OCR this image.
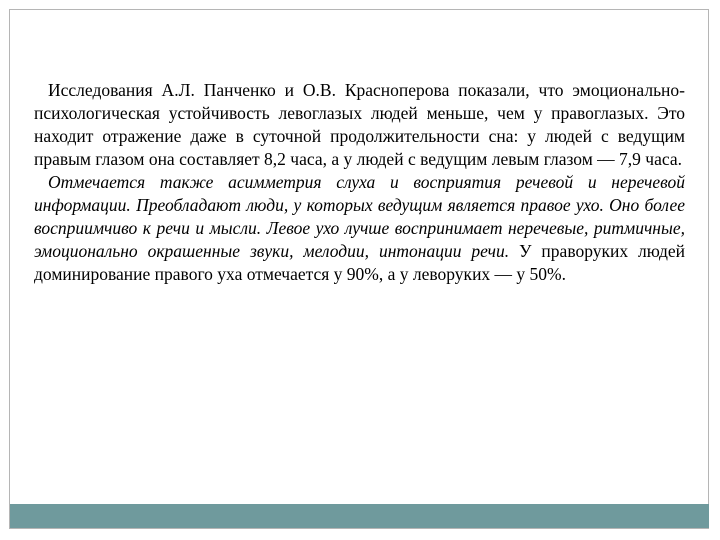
Исследования А.Л. Панченко и О.В. Красноперова показали, что эмоционально-психологическая устойчивость левоглазых людей меньше, чем у правоглазых. Это находит отражение даже в суточной продолжительности сна: у людей с ведущим правым глазом она составляет 8,2 часа, а у людей с ведущим левым глазом — 7,9 часа.

Отмечается также асимметрия слуха и восприятия речевой и неречевой информации. Преобладают люди, у которых ведущим является правое ухо. Оно более восприимчиво к речи и мысли. Левое ухо лучше воспринимает неречевые, ритмичные, эмоционально окрашенные звуки, мелодии, интонации речи. У праворуких людей доминирование правого уха отмечается у 90%, а у леворуких — у 50%.
